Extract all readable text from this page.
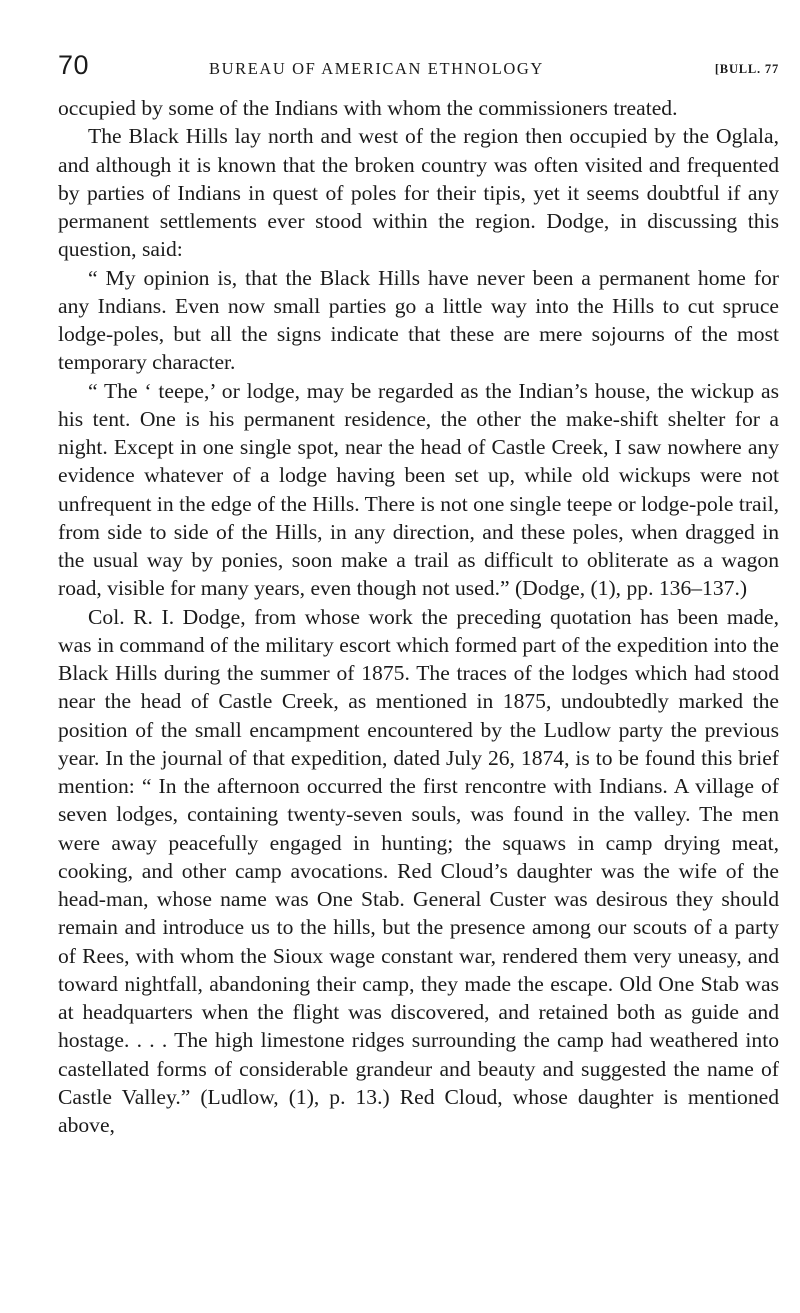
70	BUREAU OF AMERICAN ETHNOLOGY	[BULL. 77

occupied by some of the Indians with whom the commissioners treated.

The Black Hills lay north and west of the region then occupied by the Oglala, and although it is known that the broken country was often visited and frequented by parties of Indians in quest of poles for their tipis, yet it seems doubtful if any permanent settlements ever stood within the region. Dodge, in discussing this question, said:

“ My opinion is, that the Black Hills have never been a permanent home for any Indians. Even now small parties go a little way into the Hills to cut spruce lodge-poles, but all the signs indicate that these are mere sojourns of the most temporary character.

“ The ‘ teepe,’ or lodge, may be regarded as the Indian’s house, the wickup as his tent. One is his permanent residence, the other the make-shift shelter for a night. Except in one single spot, near the head of Castle Creek, I saw nowhere any evidence whatever of a lodge having been set up, while old wickups were not unfrequent in the edge of the Hills. There is not one single teepe or lodge-pole trail, from side to side of the Hills, in any direction, and these poles, when dragged in the usual way by ponies, soon make a trail as difficult to obliterate as a wagon road, visible for many years, even though not used.” (Dodge, (1), pp. 136–137.)

Col. R. I. Dodge, from whose work the preceding quotation has been made, was in command of the military escort which formed part of the expedition into the Black Hills during the summer of 1875. The traces of the lodges which had stood near the head of Castle Creek, as mentioned in 1875, undoubtedly marked the position of the small encampment encountered by the Ludlow party the previous year. In the journal of that expedition, dated July 26, 1874, is to be found this brief mention: “ In the afternoon occurred the first rencontre with Indians. A village of seven lodges, containing twenty-seven souls, was found in the valley. The men were away peacefully engaged in hunting; the squaws in camp drying meat, cooking, and other camp avocations. Red Cloud’s daughter was the wife of the head-man, whose name was One Stab. General Custer was desirous they should remain and introduce us to the hills, but the presence among our scouts of a party of Rees, with whom the Sioux wage constant war, rendered them very uneasy, and toward nightfall, abandoning their camp, they made the escape. Old One Stab was at headquarters when the flight was discovered, and retained both as guide and hostage. . . . The high limestone ridges surrounding the camp had weathered into castellated forms of considerable grandeur and beauty and suggested the name of Castle Valley.” (Ludlow, (1), p. 13.) Red Cloud, whose daughter is mentioned above,
